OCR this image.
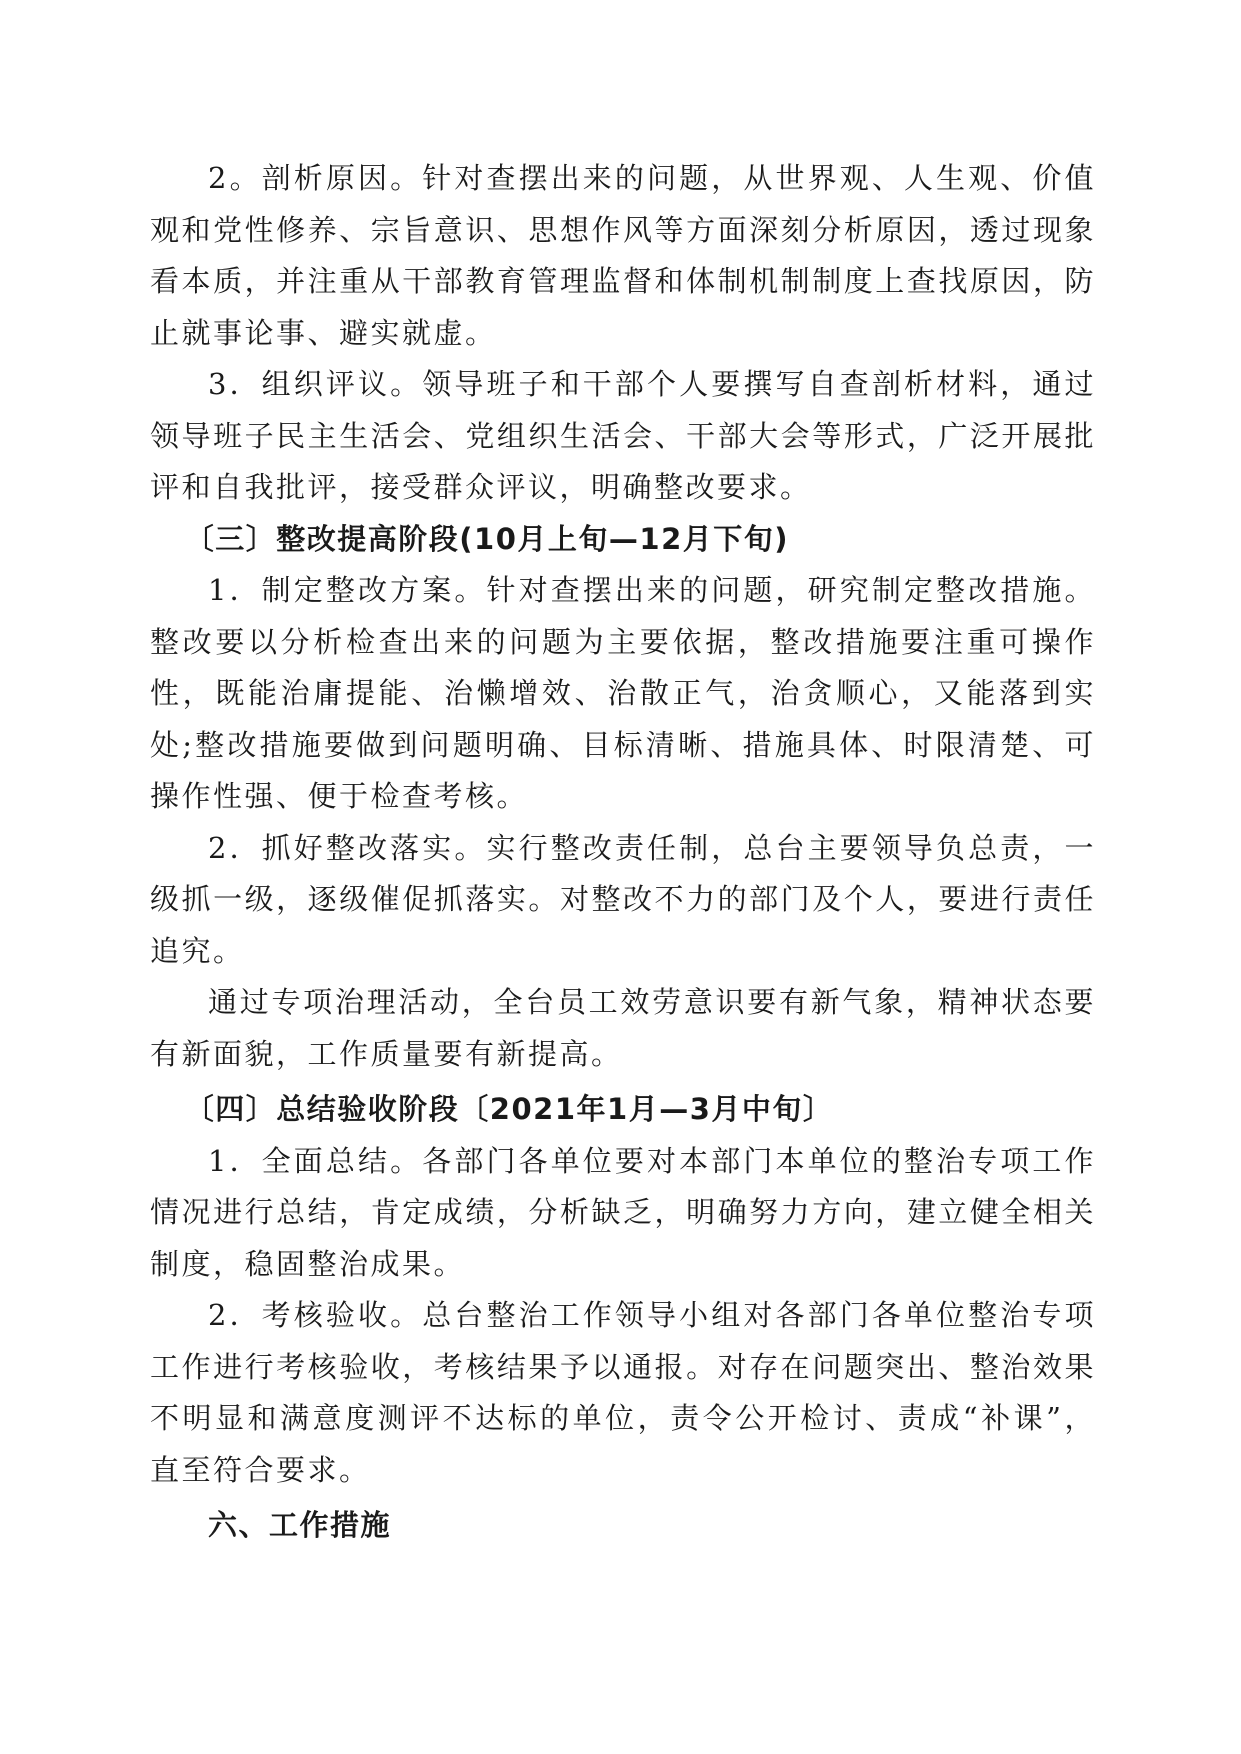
2。剖析原因。针对查摆出来的问题，从世界观、人生观、价值观和党性修养、宗旨意识、思想作风等方面深刻分析原因，透过现象看本质，并注重从干部教育管理监督和体制机制制度上查找原因，防止就事论事、避实就虚。

3．组织评议。领导班子和干部个人要撰写自查剖析材料，通过领导班子民主生活会、党组织生活会、干部大会等形式，广泛开展批评和自我批评，接受群众评议，明确整改要求。

〔三〕整改提高阶段(10月上旬—12月下旬)

1．制定整改方案。针对查摆出来的问题，研究制定整改措施。整改要以分析检查出来的问题为主要依据，整改措施要注重可操作性，既能治庸提能、治懒增效、治散正气，治贪顺心，又能落到实处;整改措施要做到问题明确、目标清晰、措施具体、时限清楚、可操作性强、便于检查考核。

2．抓好整改落实。实行整改责任制，总台主要领导负总责，一级抓一级，逐级催促抓落实。对整改不力的部门及个人，要进行责任追究。

通过专项治理活动，全台员工效劳意识要有新气象，精神状态要有新面貌，工作质量要有新提高。

〔四〕总结验收阶段〔2021年1月—3月中旬〕

1．全面总结。各部门各单位要对本部门本单位的整治专项工作情况进行总结，肯定成绩，分析缺乏，明确努力方向，建立健全相关制度，稳固整治成果。

2．考核验收。总台整治工作领导小组对各部门各单位整治专项工作进行考核验收，考核结果予以通报。对存在问题突出、整治效果不明显和满意度测评不达标的单位，责令公开检讨、责成“补课”，直至符合要求。

六、工作措施
